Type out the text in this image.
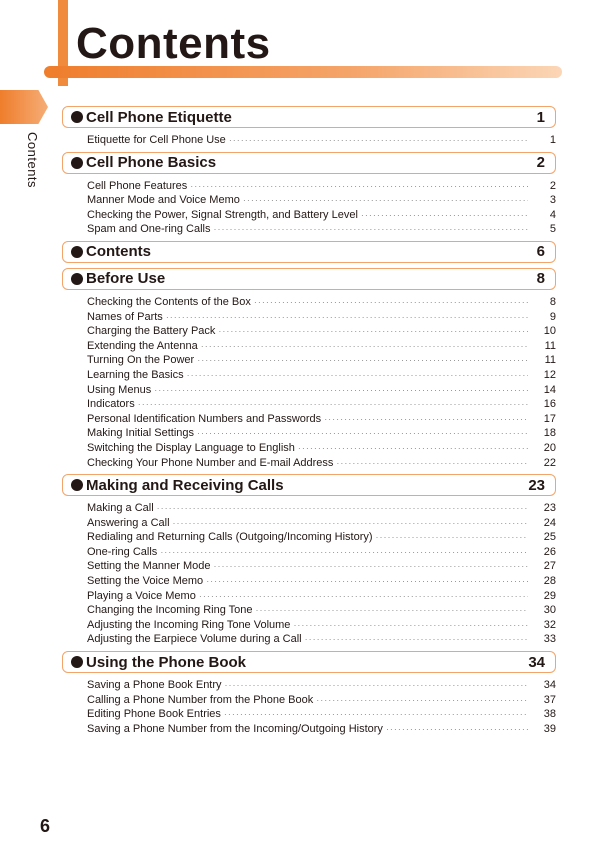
Contents
Contents
Cell Phone Etiquette	1
Etiquette for Cell Phone Use ·····	1
Cell Phone Basics	2
Cell Phone Features ·····	2
Manner Mode and Voice Memo ·····	3
Checking the Power, Signal Strength, and Battery Level ·····	4
Spam and One-ring Calls ·····	5
Contents	6
Before Use	8
Checking the Contents of the Box ·····	8
Names of Parts ·····	9
Charging the Battery Pack ·····	10
Extending the Antenna ·····	11
Turning On the Power ·····	11
Learning the Basics ·····	12
Using Menus ·····	14
Indicators ·····	16
Personal Identification Numbers and Passwords ·····	17
Making Initial Settings ·····	18
Switching the Display Language to English ·····	20
Checking Your Phone Number and E-mail Address ·····	22
Making and Receiving Calls	23
Making a Call ·····	23
Answering a Call ·····	24
Redialing and Returning Calls (Outgoing/Incoming History) ·····	25
One-ring Calls ·····	26
Setting the Manner Mode ·····	27
Setting the Voice Memo ·····	28
Playing a Voice Memo ·····	29
Changing the Incoming Ring Tone ·····	30
Adjusting the Incoming Ring Tone Volume ·····	32
Adjusting the Earpiece Volume during a Call ·····	33
Using the Phone Book	34
Saving a Phone Book Entry ·····	34
Calling a Phone Number from the Phone Book ·····	37
Editing Phone Book Entries ·····	38
Saving a Phone Number from the Incoming/Outgoing History ·····	39
6
